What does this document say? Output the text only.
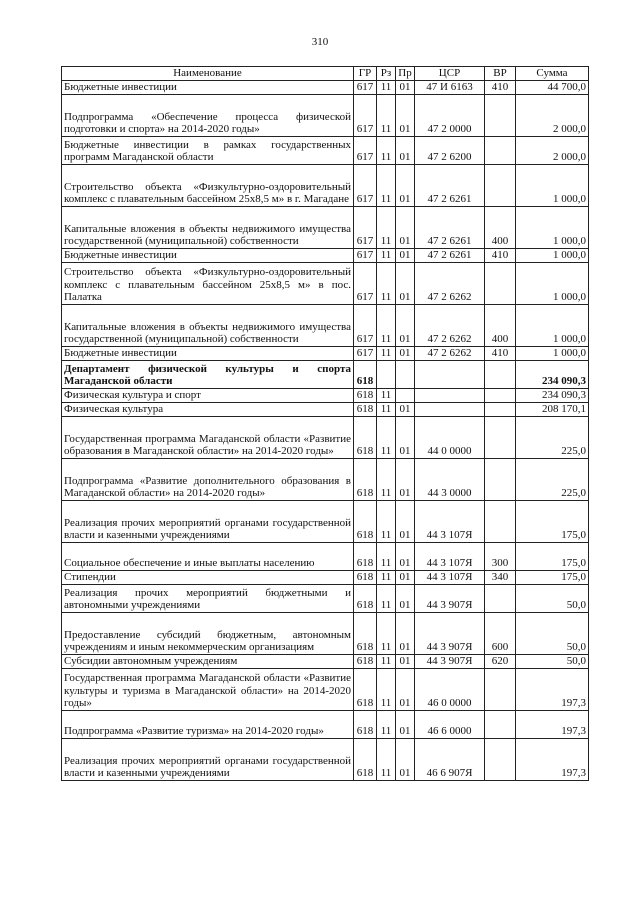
310
Наименование	ГР	Рз	Пр	ЦСР	ВР	Сумма
Бюджетные инвестиции	617	11	01	47 И 6163	410	44 700,0
Подпрограмма «Обеспечение процесса физической подготовки и спорта» на 2014-2020 годы»	617	11	01	47 2 0000		2 000,0
Бюджетные инвестиции в рамках государственных программ Магаданской области	617	11	01	47 2 6200		2 000,0
Строительство объекта «Физкультурно-оздоровительный комплекс с плавательным бассейном 25x8,5 м» в г. Магадане	617	11	01	47 2 6261		1 000,0
Капитальные вложения в объекты недвижимого имущества государственной (муниципальной) собственности	617	11	01	47 2 6261	400	1 000,0
Бюджетные инвестиции	617	11	01	47 2 6261	410	1 000,0
Строительство объекта «Физкультурно-оздоровительный комплекс с плавательным бассейном 25x8,5 м» в пос. Палатка	617	11	01	47 2 6262		1 000,0
Капитальные вложения в объекты недвижимого имущества государственной (муниципальной) собственности	617	11	01	47 2 6262	400	1 000,0
Бюджетные инвестиции	617	11	01	47 2 6262	410	1 000,0
Департамент физической культуры и спорта Магаданской области	618					234 090,3
Физическая культура и спорт	618	11				234 090,3
Физическая культура	618	11	01			208 170,1
Государственная программа Магаданской области «Развитие образования в Магаданской области» на 2014-2020 годы»	618	11	01	44 0 0000		225,0
Подпрограмма «Развитие дополнительного образования в Магаданской области» на 2014-2020 годы»	618	11	01	44 3 0000		225,0
Реализация прочих мероприятий органами государственной власти и казенными учреждениями	618	11	01	44 3 107Я		175,0
Социальное обеспечение и иные выплаты населению	618	11	01	44 3 107Я	300	175,0
Стипендии	618	11	01	44 3 107Я	340	175,0
Реализация прочих мероприятий бюджетными и автономными учреждениями	618	11	01	44 3 907Я		50,0
Предоставление субсидий бюджетным, автономным учреждениям и иным некоммерческим организациям	618	11	01	44 3 907Я	600	50,0
Субсидии автономным учреждениям	618	11	01	44 3 907Я	620	50,0
Государственная программа Магаданской области «Развитие культуры и туризма в Магаданской области» на 2014-2020 годы»	618	11	01	46 0 0000		197,3
Подпрограмма «Развитие туризма» на 2014-2020 годы»	618	11	01	46 6 0000		197,3
Реализация прочих мероприятий органами государственной власти и казенными учреждениями	618	11	01	46 6 907Я		197,3
